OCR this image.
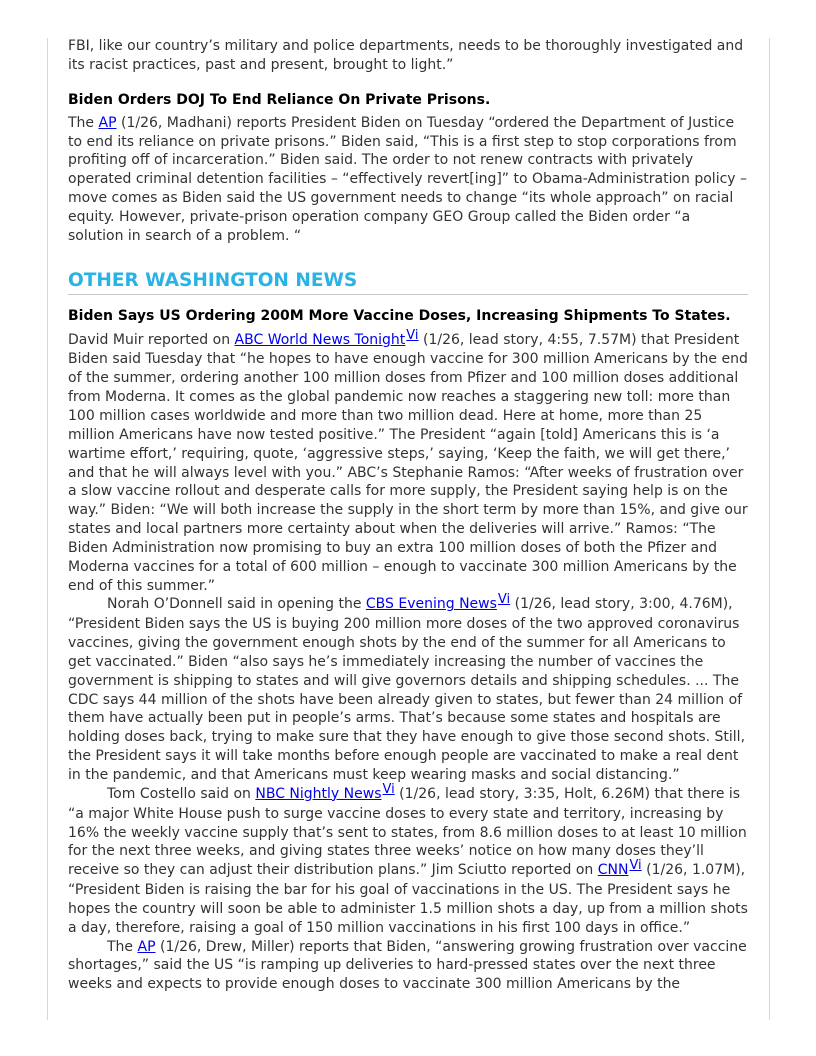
FBI, like our country’s military and police departments, needs to be thoroughly investigated and its racist practices, past and present, brought to light.”

Biden Orders DOJ To End Reliance On Private Prisons.

The AP (1/26, Madhani) reports President Biden on Tuesday “ordered the Department of Justice to end its reliance on private prisons.” Biden said, “This is a first step to stop corporations from profiting off of incarceration.” Biden said. The order to not renew contracts with privately operated criminal detention facilities – “effectively revert[ing]” to Obama-Administration policy – move comes as Biden said the US government needs to change “its whole approach” on racial equity. However, private-prison operation company GEO Group called the Biden order “a solution in search of a problem. “

OTHER WASHINGTON NEWS

Biden Says US Ordering 200M More Vaccine Doses, Increasing Shipments To States.

David Muir reported on ABC World News TonightVi (1/26, lead story, 4:55, 7.57M) that President Biden said Tuesday that “he hopes to have enough vaccine for 300 million Americans by the end of the summer, ordering another 100 million doses from Pfizer and 100 million doses additional from Moderna. It comes as the global pandemic now reaches a staggering new toll: more than 100 million cases worldwide and more than two million dead. Here at home, more than 25 million Americans have now tested positive.” The President “again [told] Americans this is ‘a wartime effort,’ requiring, quote, ‘aggressive steps,’ saying, ‘Keep the faith, we will get there,’ and that he will always level with you.” ABC’s Stephanie Ramos: “After weeks of frustration over a slow vaccine rollout and desperate calls for more supply, the President saying help is on the way.” Biden: “We will both increase the supply in the short term by more than 15%, and give our states and local partners more certainty about when the deliveries will arrive.” Ramos: “The Biden Administration now promising to buy an extra 100 million doses of both the Pfizer and Moderna vaccines for a total of 600 million – enough to vaccinate 300 million Americans by the end of this summer.”

Norah O’Donnell said in opening the CBS Evening NewsVi (1/26, lead story, 3:00, 4.76M), “President Biden says the US is buying 200 million more doses of the two approved coronavirus vaccines, giving the government enough shots by the end of the summer for all Americans to get vaccinated.” Biden “also says he’s immediately increasing the number of vaccines the government is shipping to states and will give governors details and shipping schedules. ... The CDC says 44 million of the shots have been already given to states, but fewer than 24 million of them have actually been put in people’s arms. That’s because some states and hospitals are holding doses back, trying to make sure that they have enough to give those second shots. Still, the President says it will take months before enough people are vaccinated to make a real dent in the pandemic, and that Americans must keep wearing masks and social distancing.”

Tom Costello said on NBC Nightly NewsVi (1/26, lead story, 3:35, Holt, 6.26M) that there is “a major White House push to surge vaccine doses to every state and territory, increasing by 16% the weekly vaccine supply that’s sent to states, from 8.6 million doses to at least 10 million for the next three weeks, and giving states three weeks’ notice on how many doses they’ll receive so they can adjust their distribution plans.” Jim Sciutto reported on CNNVi (1/26, 1.07M), “President Biden is raising the bar for his goal of vaccinations in the US. The President says he hopes the country will soon be able to administer 1.5 million shots a day, up from a million shots a day, therefore, raising a goal of 150 million vaccinations in his first 100 days in office.”

The AP (1/26, Drew, Miller) reports that Biden, “answering growing frustration over vaccine shortages,” said the US “is ramping up deliveries to hard-pressed states over the next three weeks and expects to provide enough doses to vaccinate 300 million Americans by the
